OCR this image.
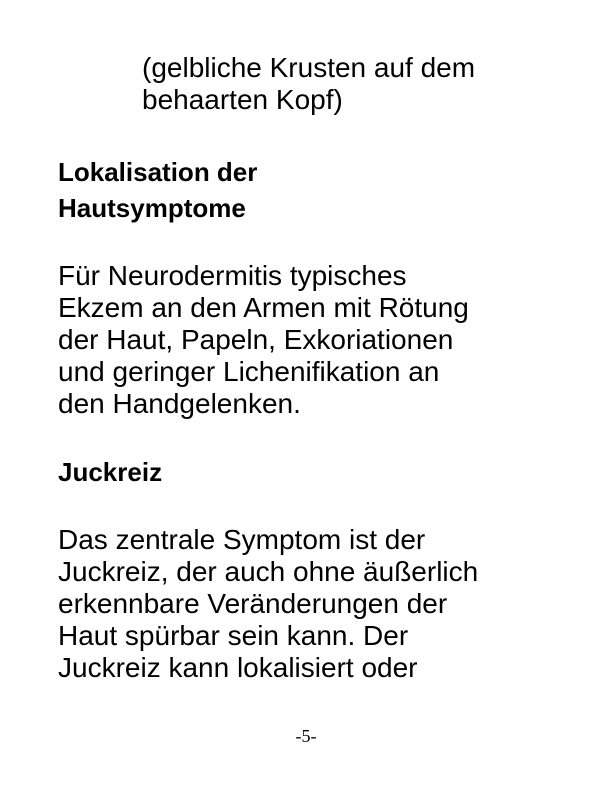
(gelbliche Krusten auf dem
behaarten Kopf)
Lokalisation der
Hautsymptome
Für Neurodermitis typisches
Ekzem an den Armen mit Rötung
der Haut, Papeln, Exkoriationen
und geringer Lichenifikation an
den Handgelenken.
Juckreiz
Das zentrale Symptom ist der
Juckreiz, der auch ohne äußerlich
erkennbare Veränderungen der
Haut spürbar sein kann. Der
Juckreiz kann lokalisiert oder
-5-
